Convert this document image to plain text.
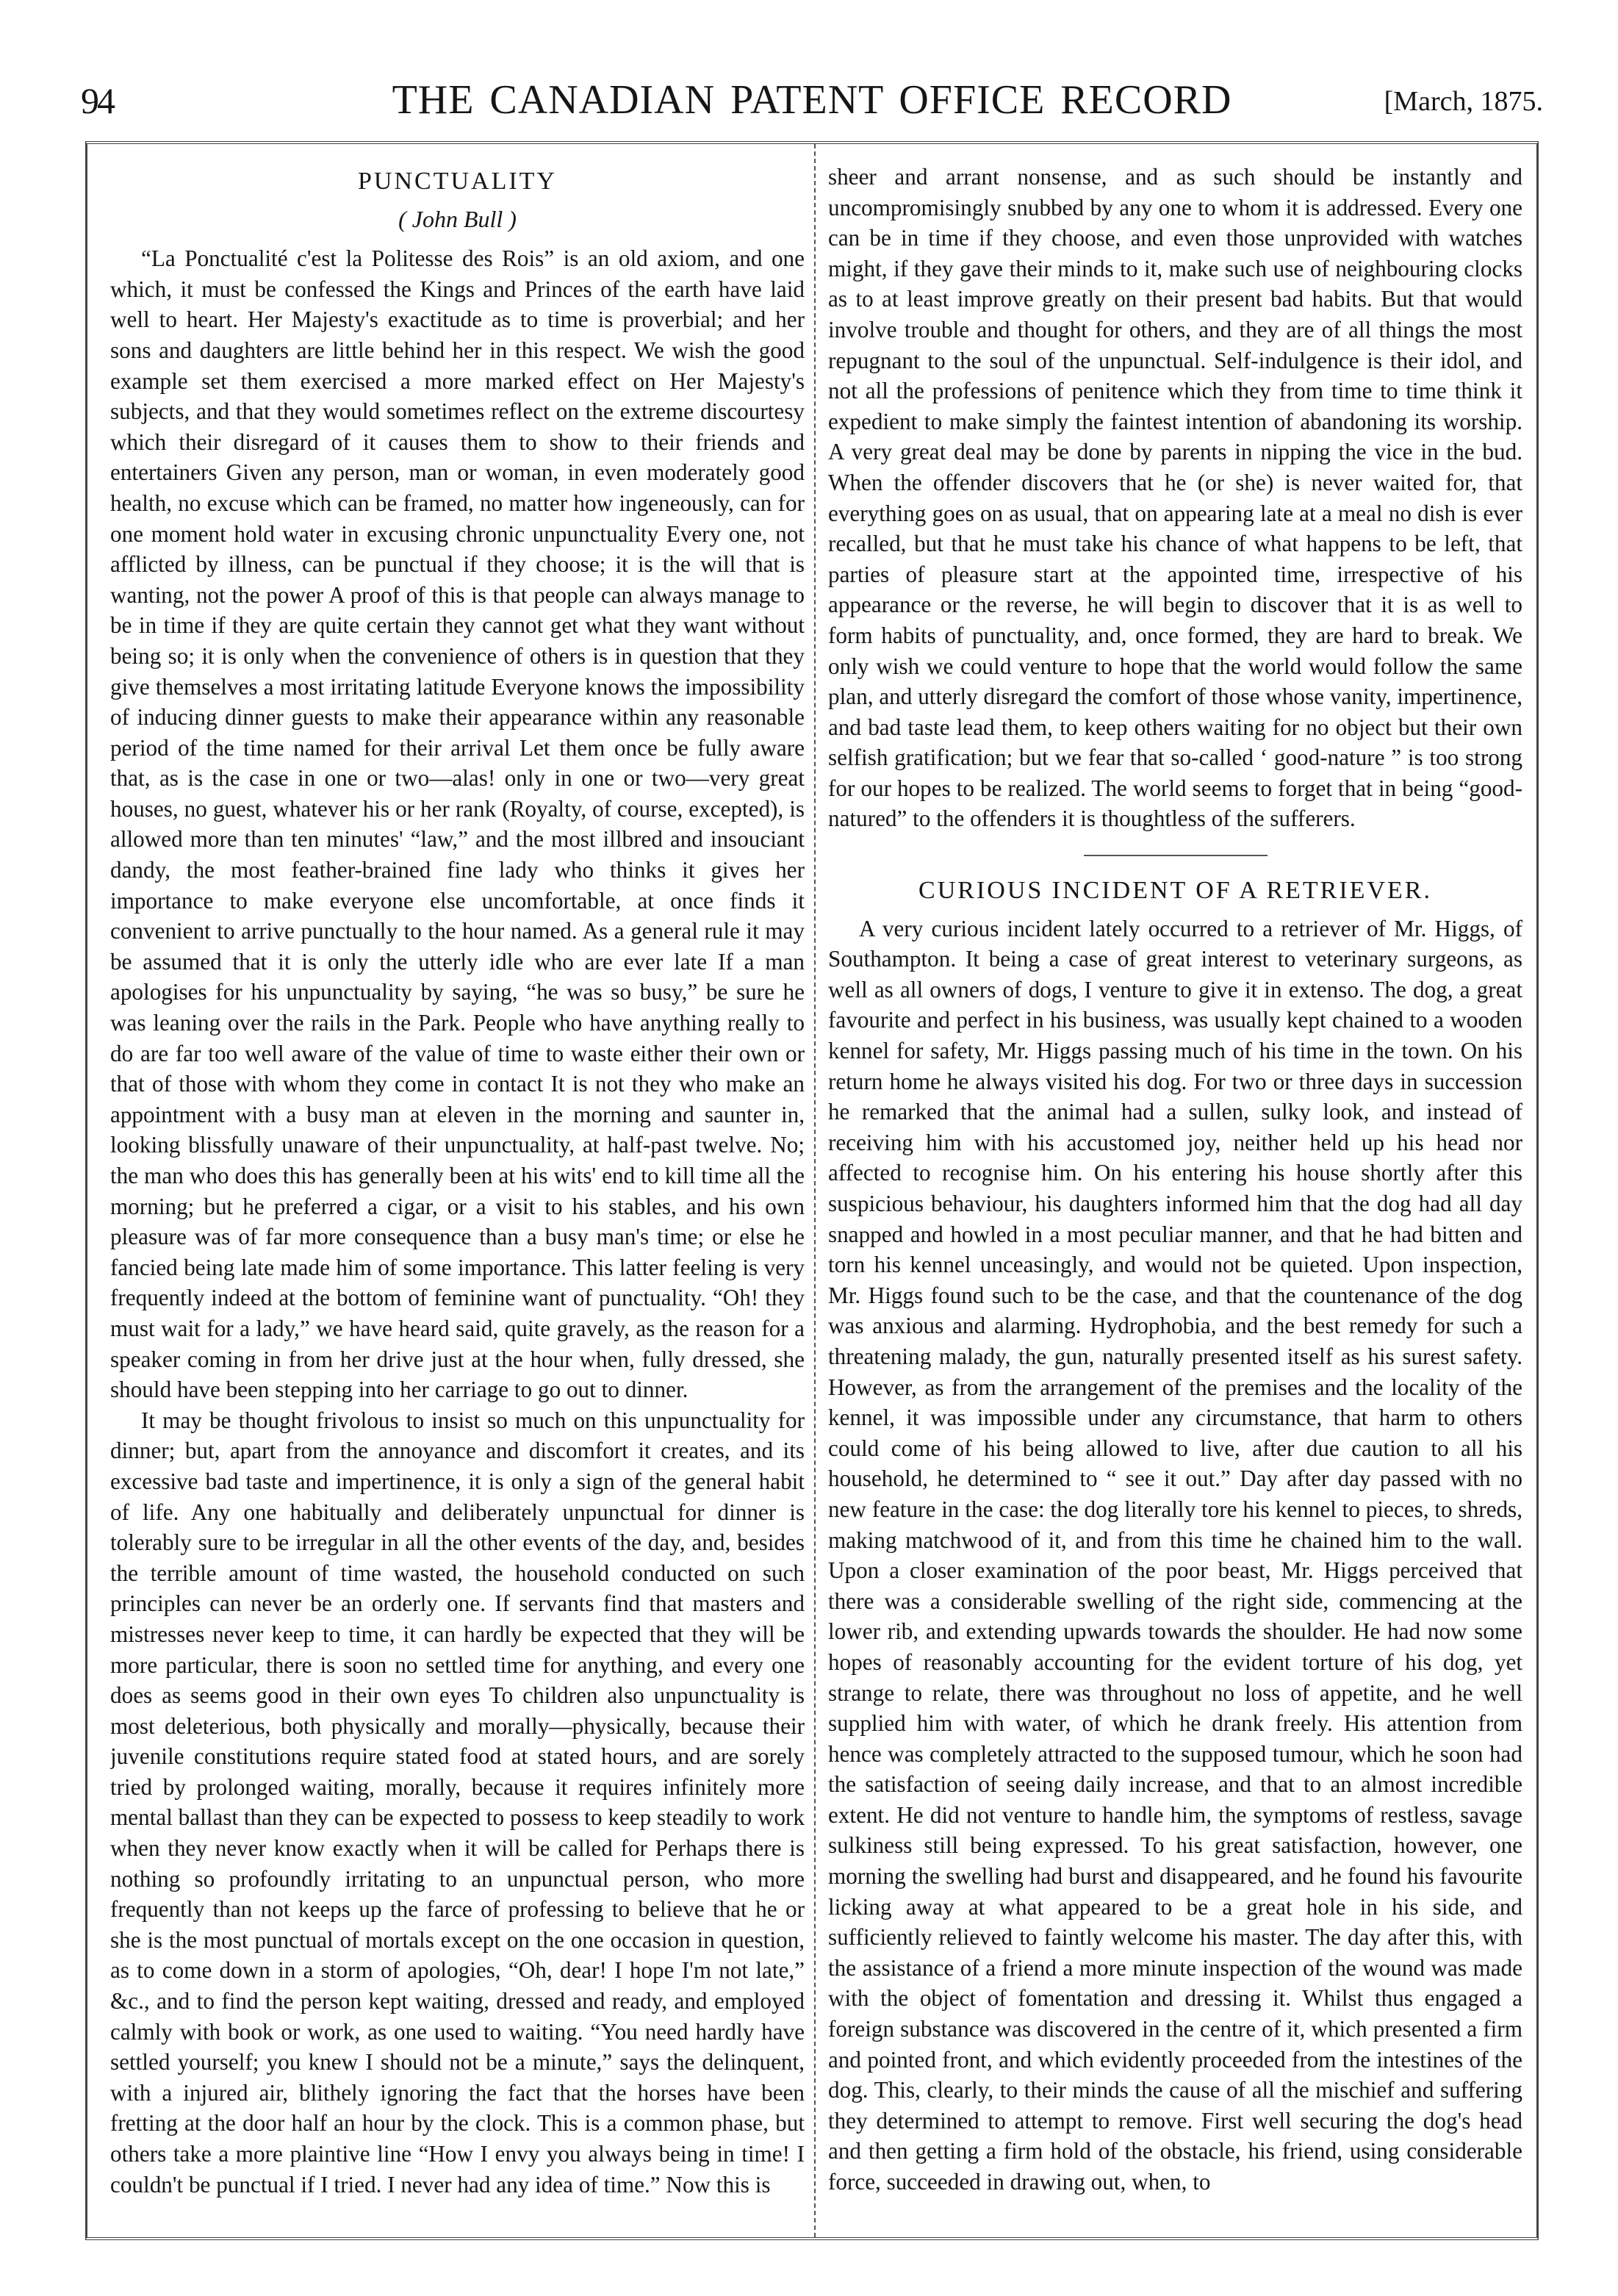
94	THE CANADIAN PATENT OFFICE RECORD	[March, 1875.
PUNCTUALITY
( John Bull )

“La Ponctualité c'est la Politesse des Rois” is an old axiom, and one which, it must be confessed the Kings and Princes of the earth have laid well to heart. Her Majesty's exactitude as to time is proverbial; and her sons and daughters are little behind her in this respect. We wish the good example set them exercised a more marked effect on Her Majesty's subjects, and that they would sometimes reflect on the extreme discourtesy which their disregard of it causes them to show to their friends and entertainers Given any person, man or woman, in even moderately good health, no excuse which can be framed, no matter how ingeneously, can for one moment hold water in excusing chronic unpunctuality Every one, not afflicted by illness, can be punctual if they choose; it is the will that is wanting, not the power A proof of this is that people can always manage to be in time if they are quite certain they cannot get what they want without being so; it is only when the convenience of others is in question that they give themselves a most irritating latitude Everyone knows the impossibility of inducing dinner guests to make their appearance within any reasonable period of the time named for their arrival Let them once be fully aware that, as is the case in one or two—alas! only in one or two—very great houses, no guest, whatever his or her rank (Royalty, of course, excepted), is allowed more than ten minutes' “law,” and the most illbred and insouciant dandy, the most feather-brained fine lady who thinks it gives her importance to make everyone else uncomfortable, at once finds it convenient to arrive punctually to the hour named. As a general rule it may be assumed that it is only the utterly idle who are ever late If a man apologises for his unpunctuality by saying, “he was so busy,” be sure he was leaning over the rails in the Park. People who have anything really to do are far too well aware of the value of time to waste either their own or that of those with whom they come in contact It is not they who make an appointment with a busy man at eleven in the morning and saunter in, looking blissfully unaware of their unpunctuality, at half-past twelve. No; the man who does this has generally been at his wits' end to kill time all the morning; but he preferred a cigar, or a visit to his stables, and his own pleasure was of far more consequence than a busy man's time; or else he fancied being late made him of some importance. This latter feeling is very frequently indeed at the bottom of feminine want of punctuality. “Oh! they must wait for a lady,” we have heard said, quite gravely, as the reason for a speaker coming in from her drive just at the hour when, fully dressed, she should have been stepping into her carriage to go out to dinner.

It may be thought frivolous to insist so much on this unpunctuality for dinner; but, apart from the annoyance and discomfort it creates, and its excessive bad taste and impertinence, it is only a sign of the general habit of life. Any one habitually and deliberately unpunctual for dinner is tolerably sure to be irregular in all the other events of the day, and, besides the terrible amount of time wasted, the household conducted on such principles can never be an orderly one. If servants find that masters and mistresses never keep to time, it can hardly be expected that they will be more particular, there is soon no settled time for anything, and every one does as seems good in their own eyes To children also unpunctuality is most deleterious, both physically and morally—physically, because their juvenile constitutions require stated food at stated hours, and are sorely tried by prolonged waiting, morally, because it requires infinitely more mental ballast than they can be expected to possess to keep steadily to work when they never know exactly when it will be called for Perhaps there is nothing so profoundly irritating to an unpunctual person, who more frequently than not keeps up the farce of professing to believe that he or she is the most punctual of mortals except on the one occasion in question, as to come down in a storm of apologies, “Oh, dear! I hope I'm not late,” &c., and to find the person kept waiting, dressed and ready, and employed calmly with book or work, as one used to waiting. “You need hardly have settled yourself; you knew I should not be a minute,” says the delinquent, with a injured air, blithely ignoring the fact that the horses have been fretting at the door half an hour by the clock. This is a common phase, but others take a more plaintive line “How I envy you always being in time! I couldn't be punctual if I tried. I never had any idea of time.” Now this is

sheer and arrant nonsense, and as such should be instantly and uncompromisingly snubbed by any one to whom it is addressed. Every one can be in time if they choose, and even those unprovided with watches might, if they gave their minds to it, make such use of neighbouring clocks as to at least improve greatly on their present bad habits. But that would involve trouble and thought for others, and they are of all things the most repugnant to the soul of the unpunctual. Self-indulgence is their idol, and not all the professions of penitence which they from time to time think it expedient to make simply the faintest intention of abandoning its worship. A very great deal may be done by parents in nipping the vice in the bud. When the offender discovers that he (or she) is never waited for, that everything goes on as usual, that on appearing late at a meal no dish is ever recalled, but that he must take his chance of what happens to be left, that parties of pleasure start at the appointed time, irrespective of his appearance or the reverse, he will begin to discover that it is as well to form habits of punctuality, and, once formed, they are hard to break. We only wish we could venture to hope that the world would follow the same plan, and utterly disregard the comfort of those whose vanity, impertinence, and bad taste lead them, to keep others waiting for no object but their own selfish gratification; but we fear that so-called ‘ good-nature ” is too strong for our hopes to be realized. The world seems to forget that in being “good-natured” to the offenders it is thoughtless of the sufferers.

CURIOUS INCIDENT OF A RETRIEVER.

A very curious incident lately occurred to a retriever of Mr. Higgs, of Southampton. It being a case of great interest to veterinary surgeons, as well as all owners of dogs, I venture to give it in extenso. The dog, a great favourite and perfect in his business, was usually kept chained to a wooden kennel for safety, Mr. Higgs passing much of his time in the town. On his return home he always visited his dog. For two or three days in succession he remarked that the animal had a sullen, sulky look, and instead of receiving him with his accustomed joy, neither held up his head nor affected to recognise him. On his entering his house shortly after this suspicious behaviour, his daughters informed him that the dog had all day snapped and howled in a most peculiar manner, and that he had bitten and torn his kennel unceasingly, and would not be quieted. Upon inspection, Mr. Higgs found such to be the case, and that the countenance of the dog was anxious and alarming. Hydrophobia, and the best remedy for such a threatening malady, the gun, naturally presented itself as his surest safety. However, as from the arrangement of the premises and the locality of the kennel, it was impossible under any circumstance, that harm to others could come of his being allowed to live, after due caution to all his household, he determined to “ see it out.” Day after day passed with no new feature in the case: the dog literally tore his kennel to pieces, to shreds, making matchwood of it, and from this time he chained him to the wall. Upon a closer examination of the poor beast, Mr. Higgs perceived that there was a considerable swelling of the right side, commencing at the lower rib, and extending upwards towards the shoulder. He had now some hopes of reasonably accounting for the evident torture of his dog, yet strange to relate, there was throughout no loss of appetite, and he well supplied him with water, of which he drank freely. His attention from hence was completely attracted to the supposed tumour, which he soon had the satisfaction of seeing daily increase, and that to an almost incredible extent. He did not venture to handle him, the symptoms of restless, savage sulkiness still being expressed. To his great satisfaction, however, one morning the swelling had burst and disappeared, and he found his favourite licking away at what appeared to be a great hole in his side, and sufficiently relieved to faintly welcome his master. The day after this, with the assistance of a friend a more minute inspection of the wound was made with the object of fomentation and dressing it. Whilst thus engaged a foreign substance was discovered in the centre of it, which presented a firm and pointed front, and which evidently proceeded from the intestines of the dog. This, clearly, to their minds the cause of all the mischief and suffering they determined to attempt to remove. First well securing the dog's head and then getting a firm hold of the obstacle, his friend, using considerable force, succeeded in drawing out, when, to
